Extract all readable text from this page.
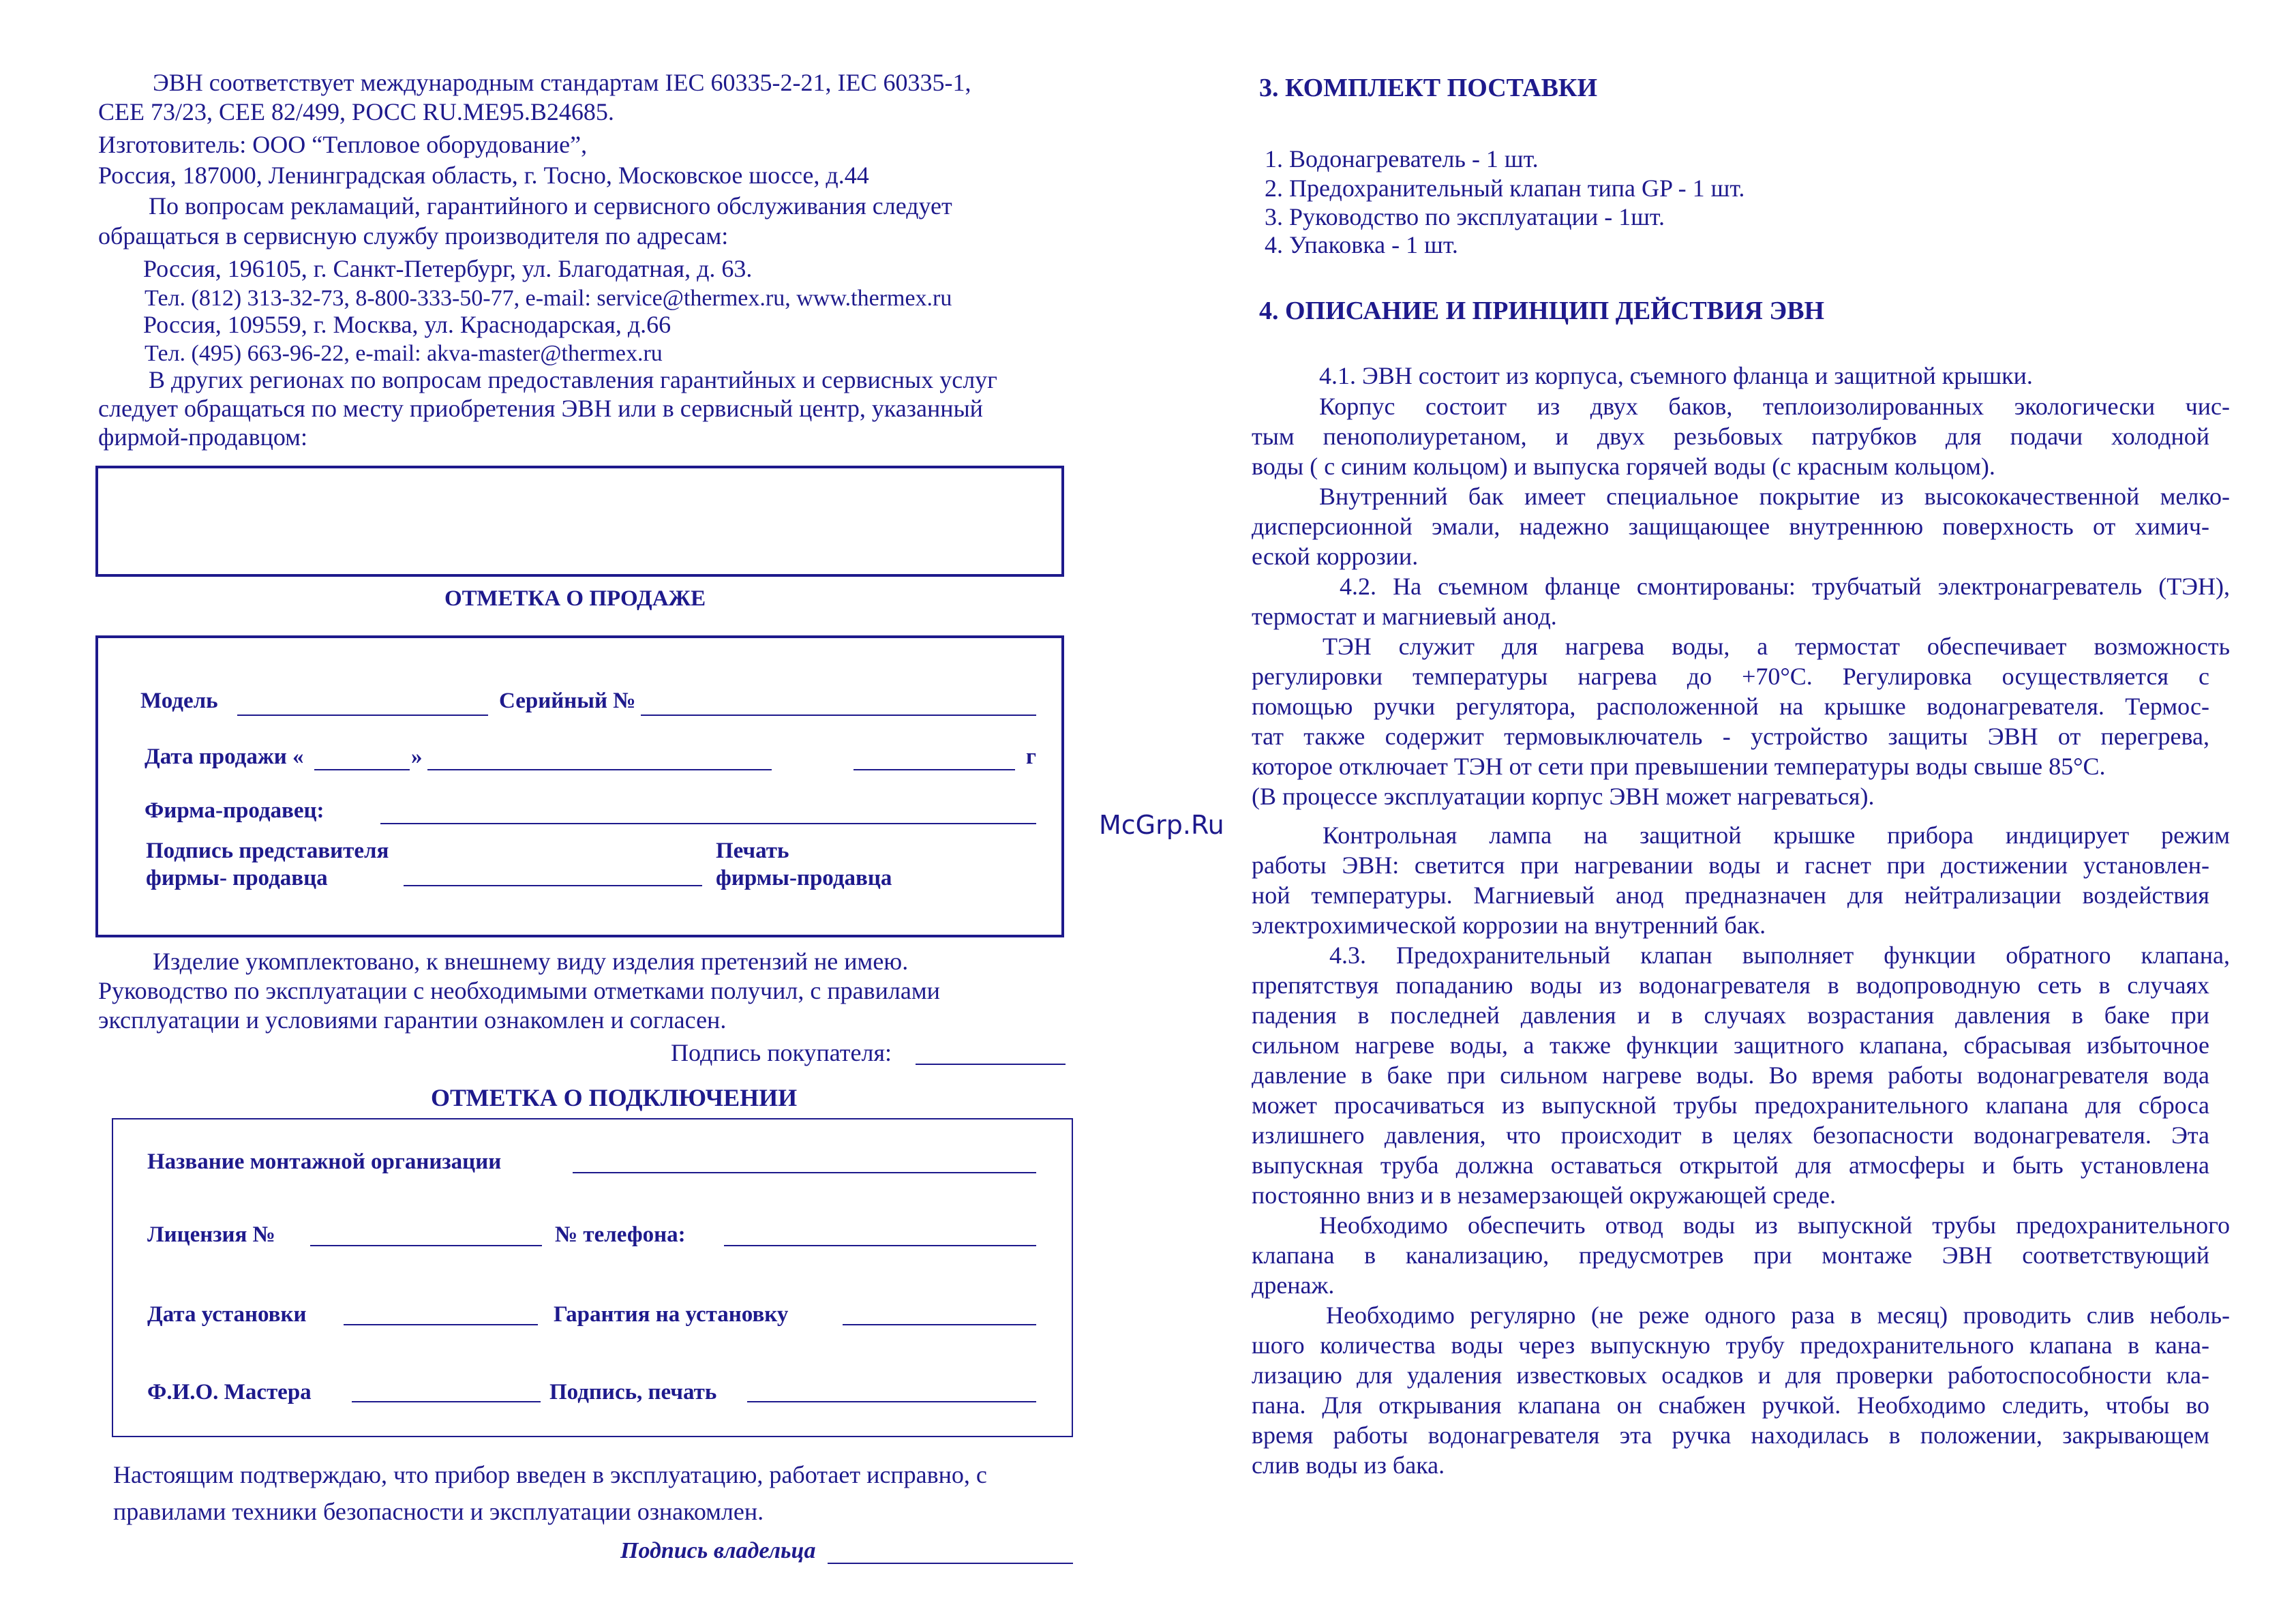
ЭВН соответствует международным стандартам IEC 60335-2-21, IEC 60335-1,
CEE 73/23, CEE 82/499, РОСС RU.ME95.B24685.
Изготовитель: ООО “Тепловое оборудование”,
Россия, 187000, Ленинградская область, г. Тосно, Московское шоссе, д.44
По вопросам рекламаций, гарантийного и сервисного обслуживания следует
обращаться в сервисную службу производителя по адресам:
Россия, 196105, г. Санкт-Петербург, ул. Благодатная, д. 63.
Тел. (812) 313-32-73, 8-800-333-50-77, e-mail: service@thermex.ru, www.thermex.ru
Россия, 109559, г. Москва, ул. Краснодарская, д.66
Тел. (495) 663-96-22, e-mail: akva-master@thermex.ru
В других регионах по вопросам предоставления гарантийных и сервисных услуг
следует обращаться по месту приобретения ЭВН или в сервисный центр, указанный
фирмой-продавцом:
ОТМЕТКА О ПРОДАЖЕ
Модель	Серийный №
Дата продажи «	»	г
Фирма-продавец:
Подпись представителя
фирмы- продавца
Печать
фирмы-продавца
Изделие укомплектовано, к внешнему виду изделия претензий не имею.
Руководство по эксплуатации с необходимыми отметками получил, с правилами
эксплуатации и условиями гарантии ознакомлен и согласен.
Подпись покупателя:
ОТМЕТКА О ПОДКЛЮЧЕНИИ
Название монтажной организации
Лицензия №	№ телефона:
Дата установки	Гарантия на установку
Ф.И.О. Мастера	Подпись, печать
Настоящим подтверждаю, что прибор введен в эксплуатацию, работает исправно, с
правилами техники безопасности и эксплуатации ознакомлен.
Подпись владельца
McGrp.Ru
3. КОМПЛЕКТ ПОСТАВКИ
1. Водонагреватель - 1 шт.
2. Предохранительный клапан типа GP - 1 шт.
3. Руководство по эксплуатации - 1шт.
4. Упаковка - 1 шт.
4. ОПИСАНИЕ И ПРИНЦИП ДЕЙСТВИЯ ЭВН
4.1. ЭВН состоит из корпуса, съемного фланца и защитной крышки.
Корпус состоит из двух баков, теплоизолированных экологически чис-
тым пенополиуретаном, и двух резьбовых патрубков для подачи холодной
воды ( с синим кольцом) и выпуска горячей воды (с красным кольцом).
Внутренний бак имеет специальное покрытие из высококачественной мелко-
дисперсионной эмали, надежно защищающее внутреннюю поверхность от химич-
еской коррозии.
4.2. На съемном фланце смонтированы: трубчатый электронагреватель (ТЭН),
термостат и магниевый анод.
ТЭН служит для нагрева воды, а термостат обеспечивает возможность
регулировки температуры нагрева до +70°С. Регулировка осуществляется с
помощью ручки регулятора, расположенной на крышке водонагревателя. Термос-
тат также содержит термовыключатель - устройство защиты ЭВН от перегрева,
которое отключает ТЭН от сети при превышении температуры воды свыше 85°С.
(В процессе эксплуатации корпус ЭВН может нагреваться).
Контрольная лампа на защитной крышке прибора индицирует режим
работы ЭВН: светится при нагревании воды и гаснет при достижении установлен-
ной температуры. Магниевый анод предназначен для нейтрализации воздействия
электрохимической коррозии на внутренний бак.
4.3. Предохранительный клапан выполняет функции обратного клапана,
препятствуя попаданию воды из водонагревателя в водопроводную сеть в случаях
падения в последней давления и в случаях возрастания давления в баке при
сильном нагреве воды, а также функции защитного клапана, сбрасывая избыточное
давление в баке при сильном нагреве воды. Во время работы водонагревателя вода
может просачиваться из выпускной трубы предохранительного клапана для сброса
излишнего давления, что происходит в целях безопасности водонагревателя. Эта
выпускная труба должна оставаться открытой для атмосферы и быть установлена
постоянно вниз и в незамерзающей окружающей среде.
Необходимо обеспечить отвод воды из выпускной трубы предохранительного
клапана в канализацию, предусмотрев при монтаже ЭВН соответствующий
дренаж.
Необходимо регулярно (не реже одного раза в месяц) проводить слив неболь-
шого количества воды через выпускную трубу предохранительного клапана в кана-
лизацию для удаления известковых осадков и для проверки работоспособности кла-
пана. Для открывания клапана он снабжен ручкой. Необходимо следить, чтобы во
время работы водонагревателя эта ручка находилась в положении, закрывающем
слив воды из бака.
